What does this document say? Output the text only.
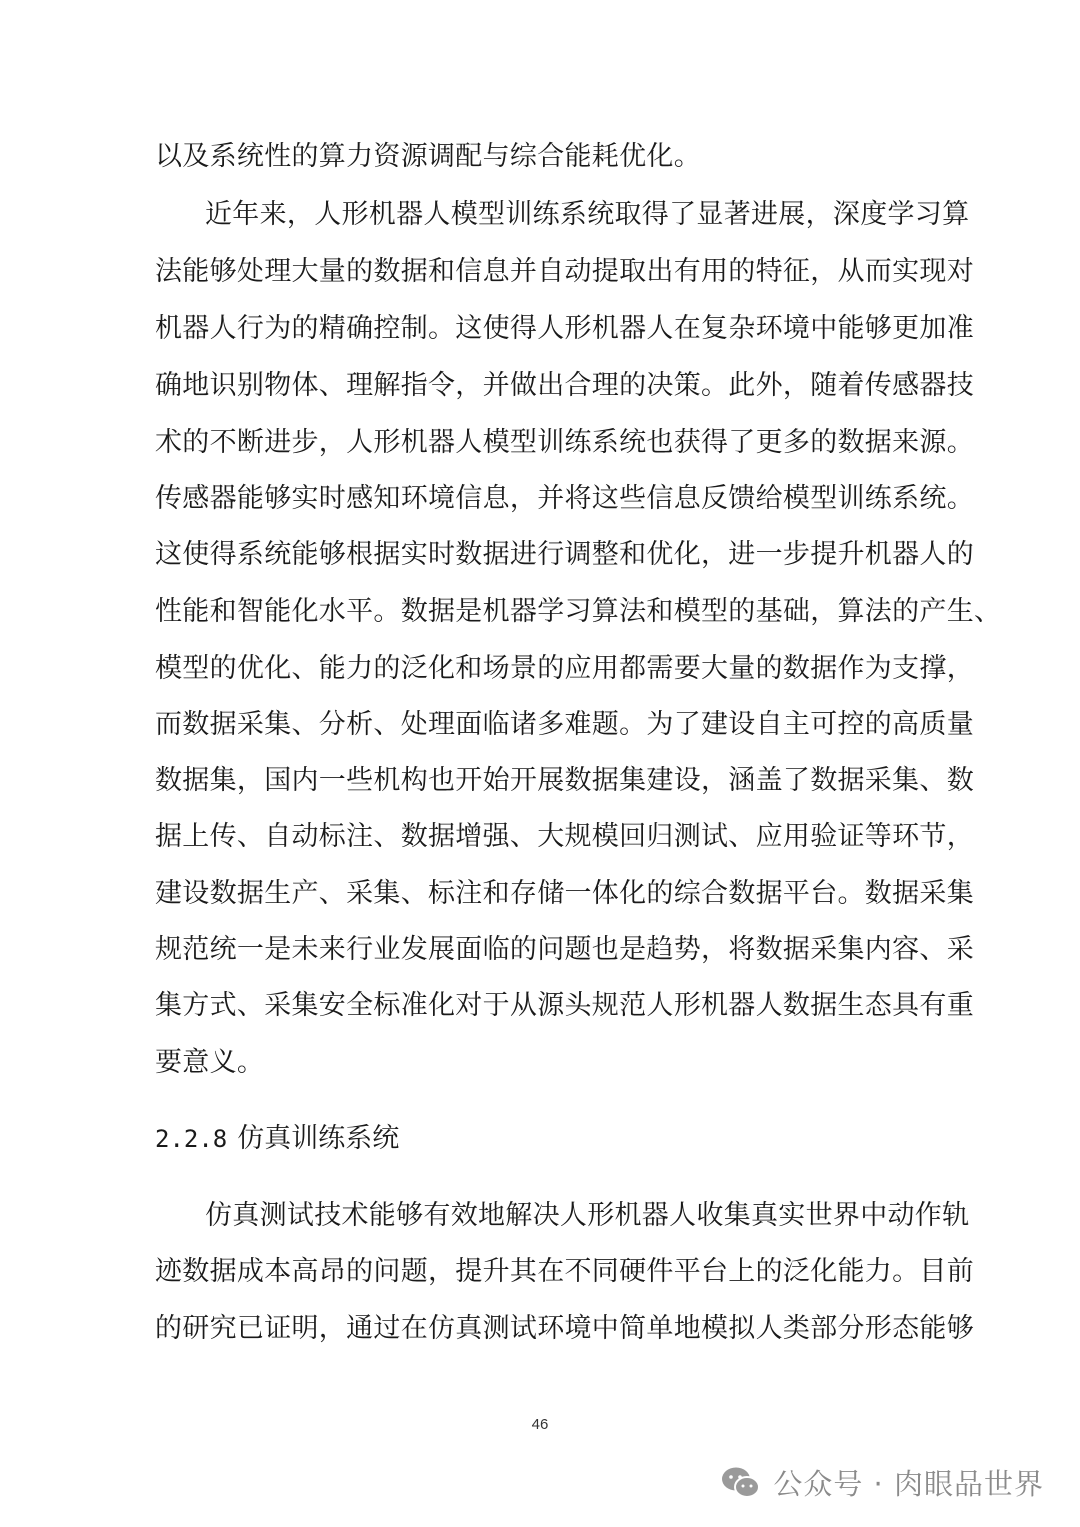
以及系统性的算力资源调配与综合能耗优化。
近年来，人形机器人模型训练系统取得了显著进展，深度学习算
法能够处理大量的数据和信息并自动提取出有用的特征，从而实现对
机器人行为的精确控制。这使得人形机器人在复杂环境中能够更加准
确地识别物体、理解指令，并做出合理的决策。此外，随着传感器技
术的不断进步，人形机器人模型训练系统也获得了更多的数据来源。
传感器能够实时感知环境信息，并将这些信息反馈给模型训练系统。
这使得系统能够根据实时数据进行调整和优化，进一步提升机器人的
性能和智能化水平。数据是机器学习算法和模型的基础，算法的产生、
模型的优化、能力的泛化和场景的应用都需要大量的数据作为支撑，
而数据采集、分析、处理面临诸多难题。为了建设自主可控的高质量
数据集，国内一些机构也开始开展数据集建设，涵盖了数据采集、数
据上传、自动标注、数据增强、大规模回归测试、应用验证等环节，
建设数据生产、采集、标注和存储一体化的综合数据平台。数据采集
规范统一是未来行业发展面临的问题也是趋势，将数据采集内容、采
集方式、采集安全标准化对于从源头规范人形机器人数据生态具有重
要意义。
2.2.8 仿真训练系统
仿真测试技术能够有效地解决人形机器人收集真实世界中动作轨
迹数据成本高昂的问题，提升其在不同硬件平台上的泛化能力。目前
的研究已证明，通过在仿真测试环境中简单地模拟人类部分形态能够
46
公众号 · 肉眼品世界
